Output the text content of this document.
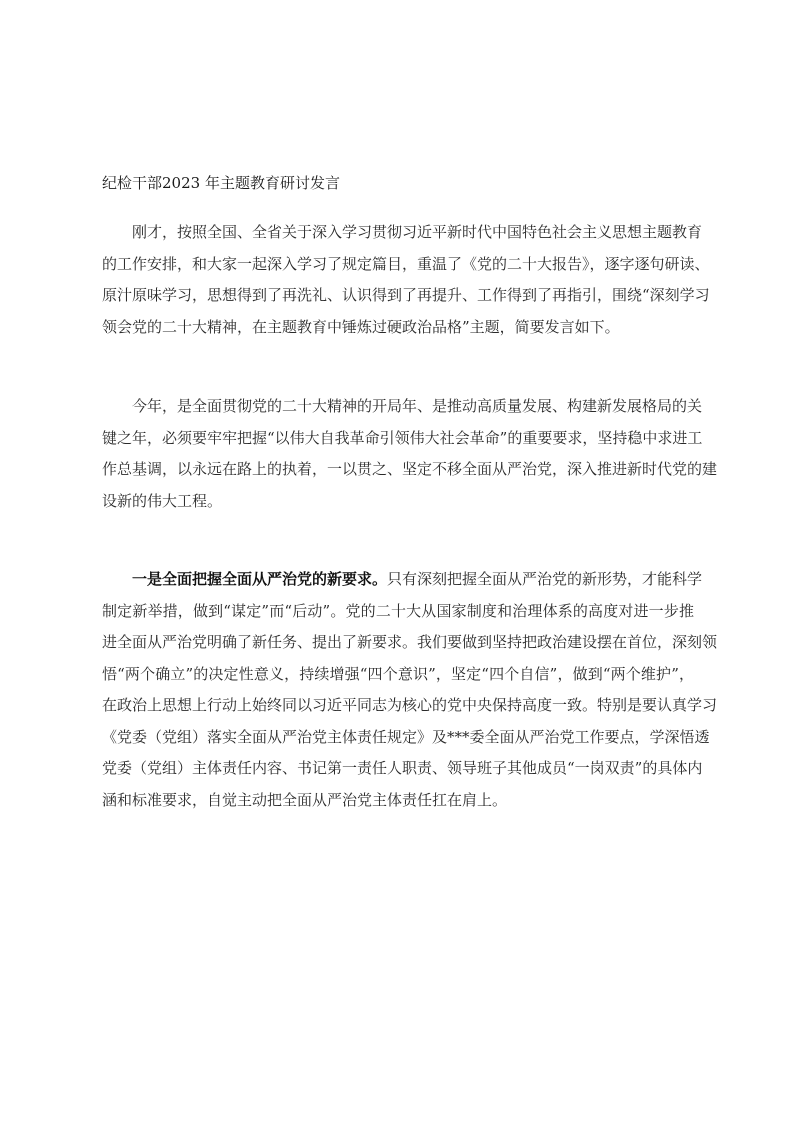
纪检干部2023 年主题教育研讨发言
刚才，按照全国、全省关于深入学习贯彻习近平新时代中国特色社会主义思想主题教育
的工作安排，和大家一起深入学习了规定篇目，重温了《党的二十大报告》，逐字逐句研读、
原汁原味学习，思想得到了再洗礼、认识得到了再提升、工作得到了再指引，围绕“深刻学习
领会党的二十大精神，在主题教育中锤炼过硬政治品格”主题，简要发言如下。
今年，是全面贯彻党的二十大精神的开局年、是推动高质量发展、构建新发展格局的关
键之年，必须要牢牢把握“以伟大自我革命引领伟大社会革命”的重要要求，坚持稳中求进工
作总基调，以永远在路上的执着，一以贯之、坚定不移全面从严治党，深入推进新时代党的建
设新的伟大工程。
一是全面把握全面从严治党的新要求。只有深刻把握全面从严治党的新形势，才能科学
制定新举措，做到“谋定”而“后动”。党的二十大从国家制度和治理体系的高度对进一步推
进全面从严治党明确了新任务、提出了新要求。我们要做到坚持把政治建设摆在首位，深刻领
悟“两个确立”的决定性意义，持续增强“四个意识”，坚定“四个自信”，做到“两个维护”，
在政治上思想上行动上始终同以习近平同志为核心的党中央保持高度一致。特别是要认真学习
《党委（党组）落实全面从严治党主体责任规定》及***委全面从严治党工作要点，学深悟透
党委（党组）主体责任内容、书记第一责任人职责、领导班子其他成员“一岗双责”的具体内
涵和标准要求，自觉主动把全面从严治党主体责任扛在肩上。
